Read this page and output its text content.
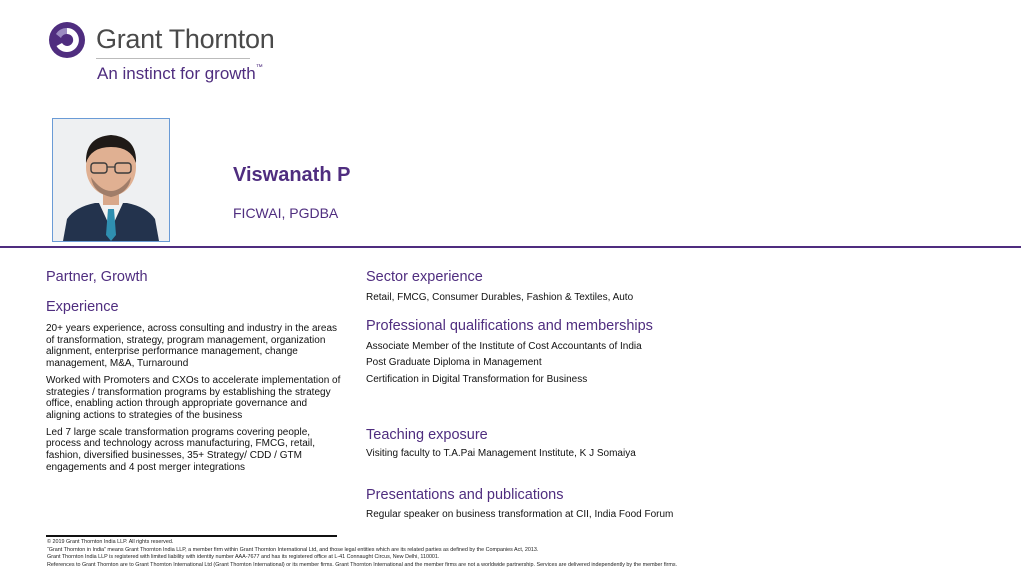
Grant Thornton
An instinct for growth™
Viswanath P
FICWAI, PGDBA
Partner, Growth
Experience

20+ years experience, across consulting and industry in the areas of transformation, strategy, program management, organization alignment, enterprise performance management, change management, M&A, Turnaround

Worked with Promoters and CXOs to accelerate implementation of strategies / transformation programs by establishing the strategy office, enabling action through appropriate governance and aligning actions to strategies of the business

Led 7 large scale transformation programs covering people, process and technology across manufacturing, FMCG, retail, fashion, diversified businesses, 35+ Strategy/ CDD / GTM engagements and 4 post merger integrations

Sector experience

Retail, FMCG, Consumer Durables, Fashion & Textiles, Auto

Professional qualifications and memberships

Associate Member of the Institute of Cost Accountants of India

Post Graduate Diploma in Management

Certification in Digital Transformation for Business

Teaching exposure

Visiting faculty to T.A.Pai Management Institute, K J Somaiya

Presentations and publications

Regular speaker on business transformation at CII, India Food Forum

© 2019 Grant Thornton India LLP. All rights reserved.
“Grant Thornton in India” means Grant Thornton India LLP, a member firm within Grant Thornton International Ltd, and those legal entities which are its related parties as defined by the Companies Act, 2013.
Grant Thornton India LLP is registered with limited liability with identity number AAA-7677 and has its registered office at L-41 Connaught Circus, New Delhi, 110001.
References to Grant Thornton are to Grant Thornton International Ltd (Grant Thornton International) or its member firms. Grant Thornton International and the member firms are not a worldwide partnership. Services are delivered independently by the member firms.
